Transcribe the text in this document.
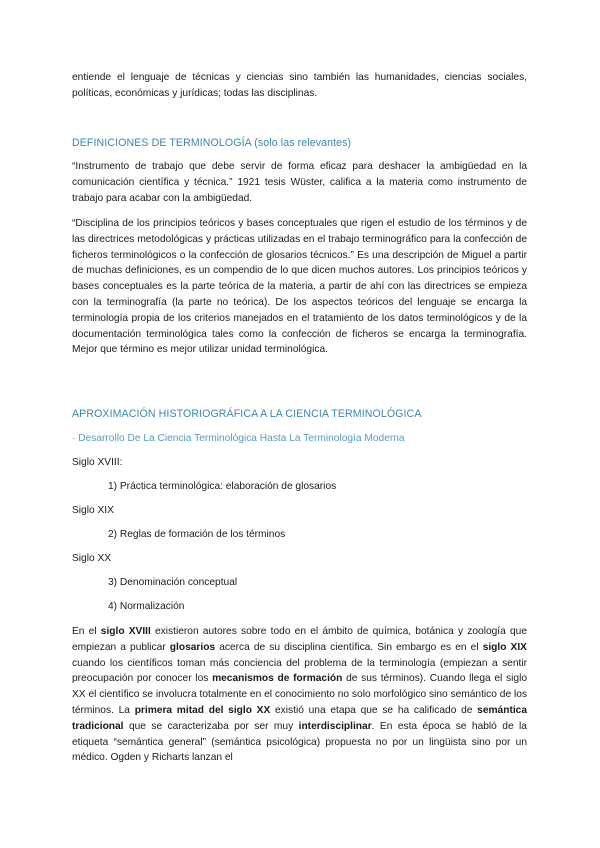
entiende el lenguaje de técnicas y ciencias sino también las humanidades, ciencias sociales, políticas, económicas y jurídicas; todas las disciplinas.

DEFINICIONES DE TERMINOLOGÍA (solo las relevantes)

“Instrumento de trabajo que debe servir de forma eficaz para deshacer la ambigüedad en la comunicación científica y técnica.” 1921 tesis Wüster, califica a la materia como instrumento de trabajo para acabar con la ambigüedad.

“Disciplina de los principios teóricos y bases conceptuales que rigen el estudio de los términos y de las directrices metodológicas y prácticas utilizadas en el trabajo terminográfico para la confección de ficheros terminológicos o la confección de glosarios técnicos.” Es una descripción de Miguel a partir de muchas definiciones, es un compendio de lo que dicen muchos autores. Los principios teóricos y bases conceptuales es la parte teórica de la materia, a partir de ahí con las directrices se empieza con la terminografía (la parte no teórica). De los aspectos teóricos del lenguaje se encarga la terminología propia de los criterios manejados en el tratamiento de los datos terminológicos y de la documentación terminológica tales como la confección de ficheros se encarga la terminografía. Mejor que término es mejor utilizar unidad terminológica.

APROXIMACIÓN HISTORIOGRÁFICA A LA CIENCIA TERMINOLÓGICA

· Desarrollo De La Ciencia Terminológica Hasta La Terminología Moderna

Siglo XVIII:

1) Práctica terminológica: elaboración de glosarios

Siglo XIX

2) Reglas de formación de los términos

Siglo XX

3) Denominación conceptual

4) Normalización

En el siglo XVIII existieron autores sobre todo en el ámbito de química, botánica y zoología que empiezan a publicar glosarios acerca de su disciplina científica. Sin embargo es en el siglo XIX cuando los científicos toman más conciencia del problema de la terminología (empiezan a sentir preocupación por conocer los mecanismos de formación de sus términos). Cuando llega el siglo XX el científico se involucra totalmente en el conocimiento no solo morfológico sino semántico de los términos. La primera mitad del siglo XX existió una etapa que se ha calificado de semántica tradicional que se caracterizaba por ser muy interdisciplinar. En esta época se habló de la etiqueta “semántica general” (semántica psicológica) propuesta no por un lingüista sino por un médico. Ogden y Richarts lanzan el
